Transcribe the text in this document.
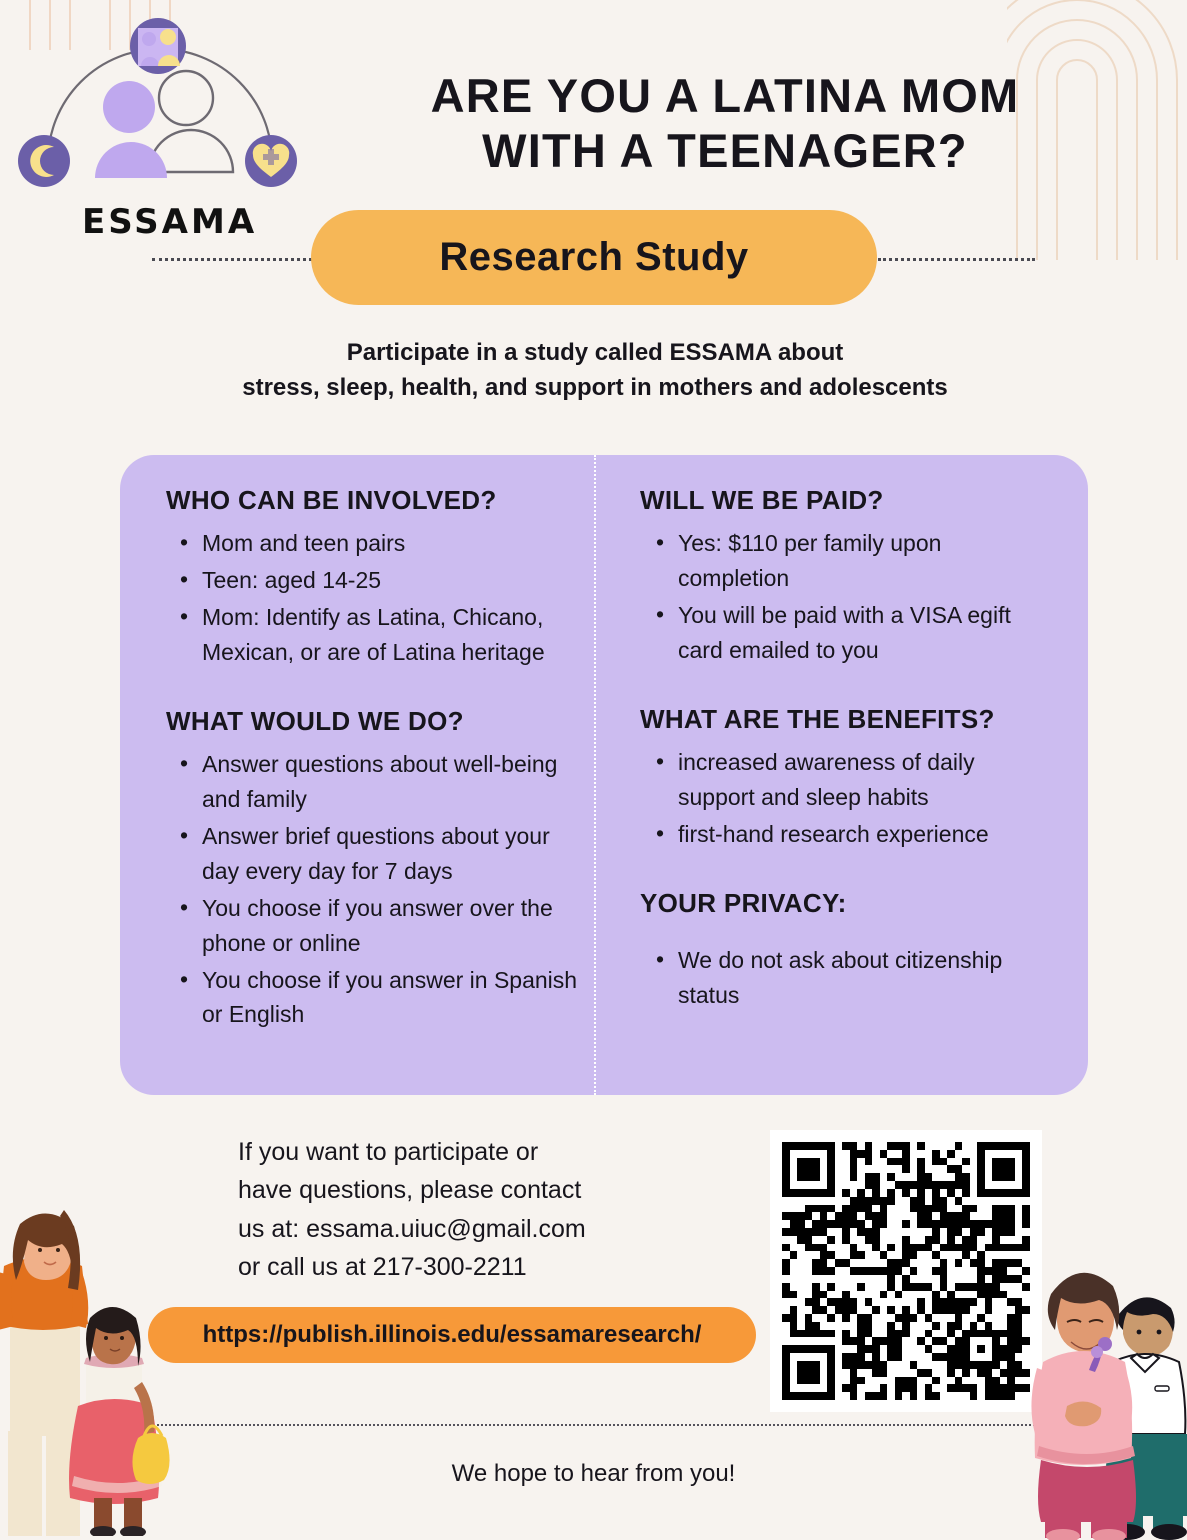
ESSAMA
ARE YOU A LATINA MOM
WITH A TEENAGER?
Research Study
Participate in a study called ESSAMA about
stress, sleep, health, and support in mothers and adolescents
WHO CAN BE INVOLVED?
• Mom and teen pairs
• Teen: aged 14-25
• Mom: Identify as Latina, Chicano, Mexican, or are of Latina heritage
WHAT WOULD WE DO?
• Answer questions about well-being and family
• Answer brief questions about your day every day for 7 days
• You choose if you answer over the phone or online
• You choose if you answer in Spanish or English
WILL WE BE PAID?
• Yes: $110 per family upon completion
• You will be paid with a VISA egift card emailed to you
WHAT ARE THE BENEFITS?
• increased awareness of daily support and sleep habits
• first-hand research experience
YOUR PRIVACY:
• We do not ask about citizenship status
If you want to participate or
have questions, please contact
us at: essama.uiuc@gmail.com
or call us at 217-300-2211
https://publish.illinois.edu/essamaresearch/
We hope to hear from you!
